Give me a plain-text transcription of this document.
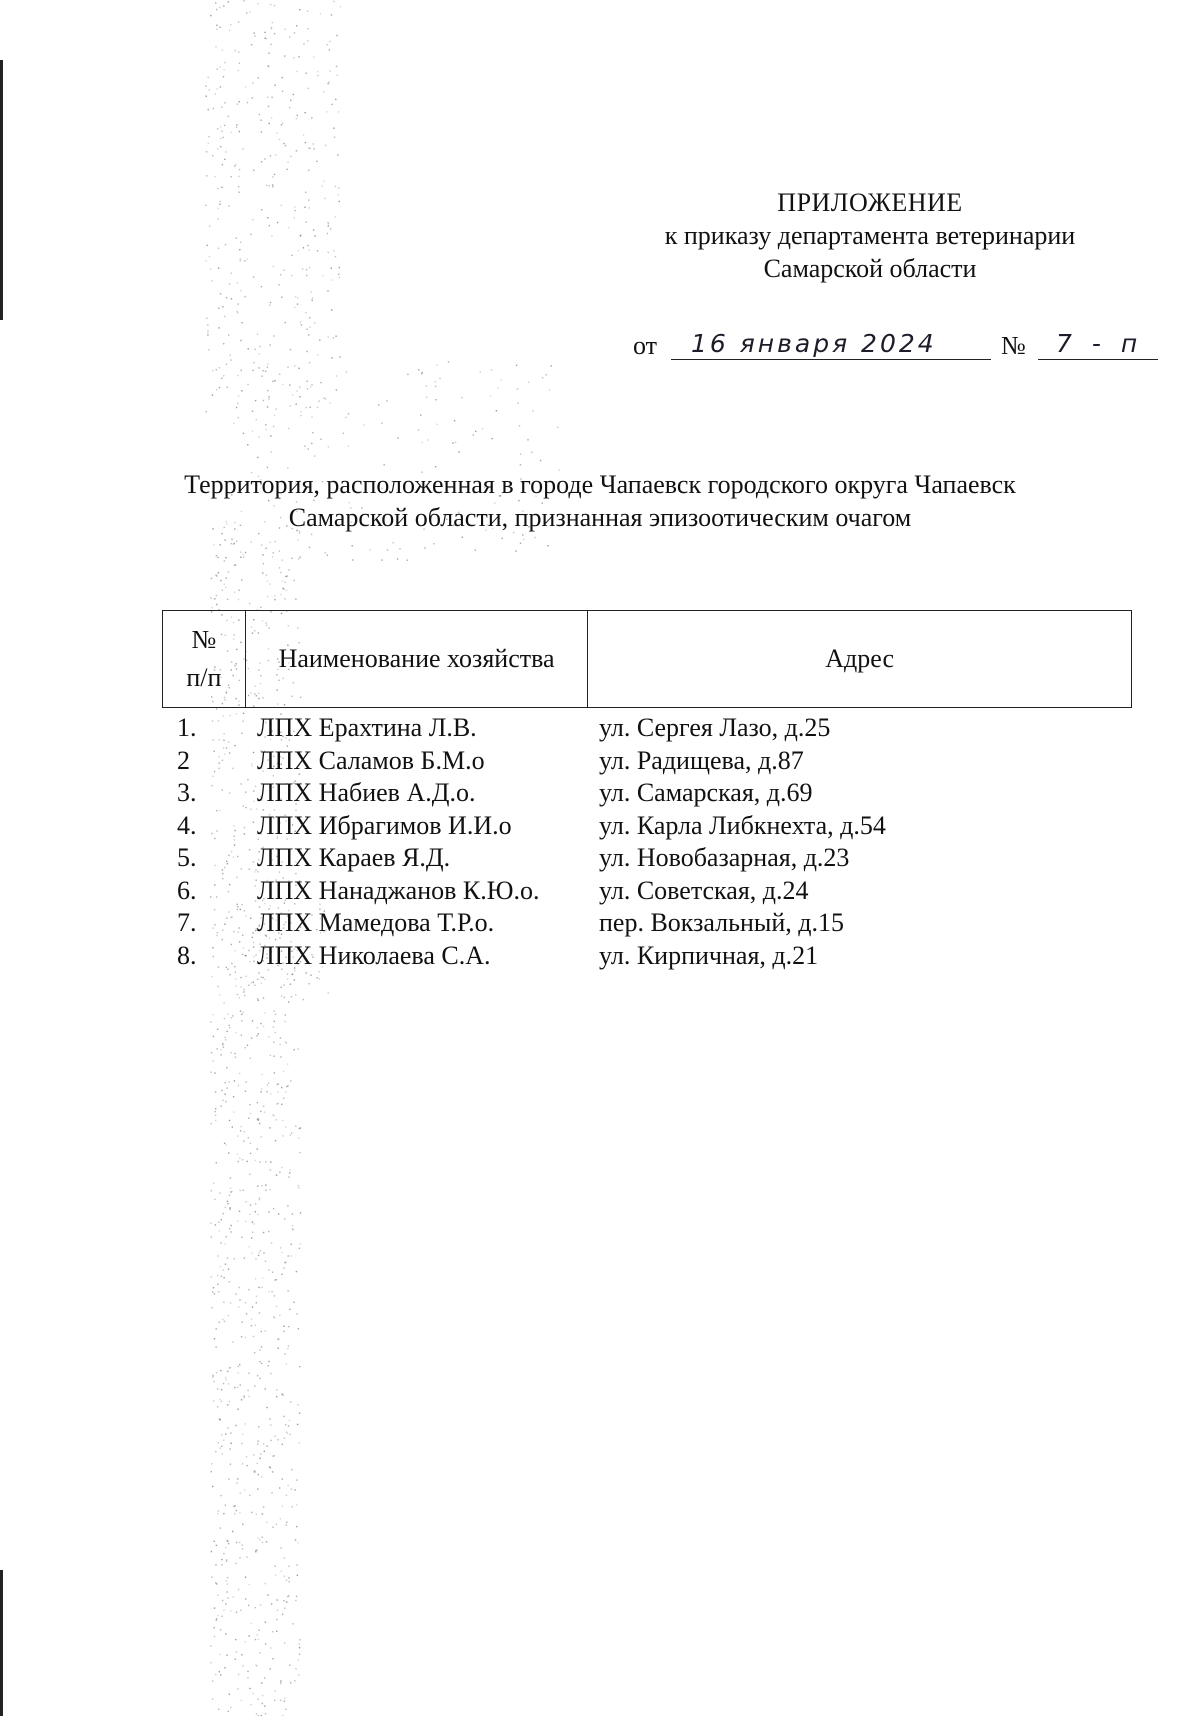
ПРИЛОЖЕНИЕ
к приказу департамента ветеринарии
Самарской области
от 16 января 2024 № 7 - п
Территория, расположенная в городе Чапаевск городского округа Чапаевск
Самарской области, признанная эпизоотическим очагом
№
п/п
	Наименование хозяйства	Адрес
1. ЛПХ Ерахтина Л.В.	ул. Сергея Лазо, д.25
2	ЛПХ Саламов Б.М.о	ул. Радищева, д.87
3. ЛПХ Набиев А.Д.о.	ул. Самарская, д.69
4. ЛПХ Ибрагимов И.И.о	ул. Карла Либкнехта, д.54
5. ЛПХ Караев Я.Д.	ул. Новобазарная, д.23
6. ЛПХ Нанаджанов К.Ю.о. ул. Советская, д.24
7. ЛПХ Мамедова Т.Р.о.	пер. Вокзальный, д.15
8. ЛПХ Николаева С.А.	ул. Кирпичная, д.21
